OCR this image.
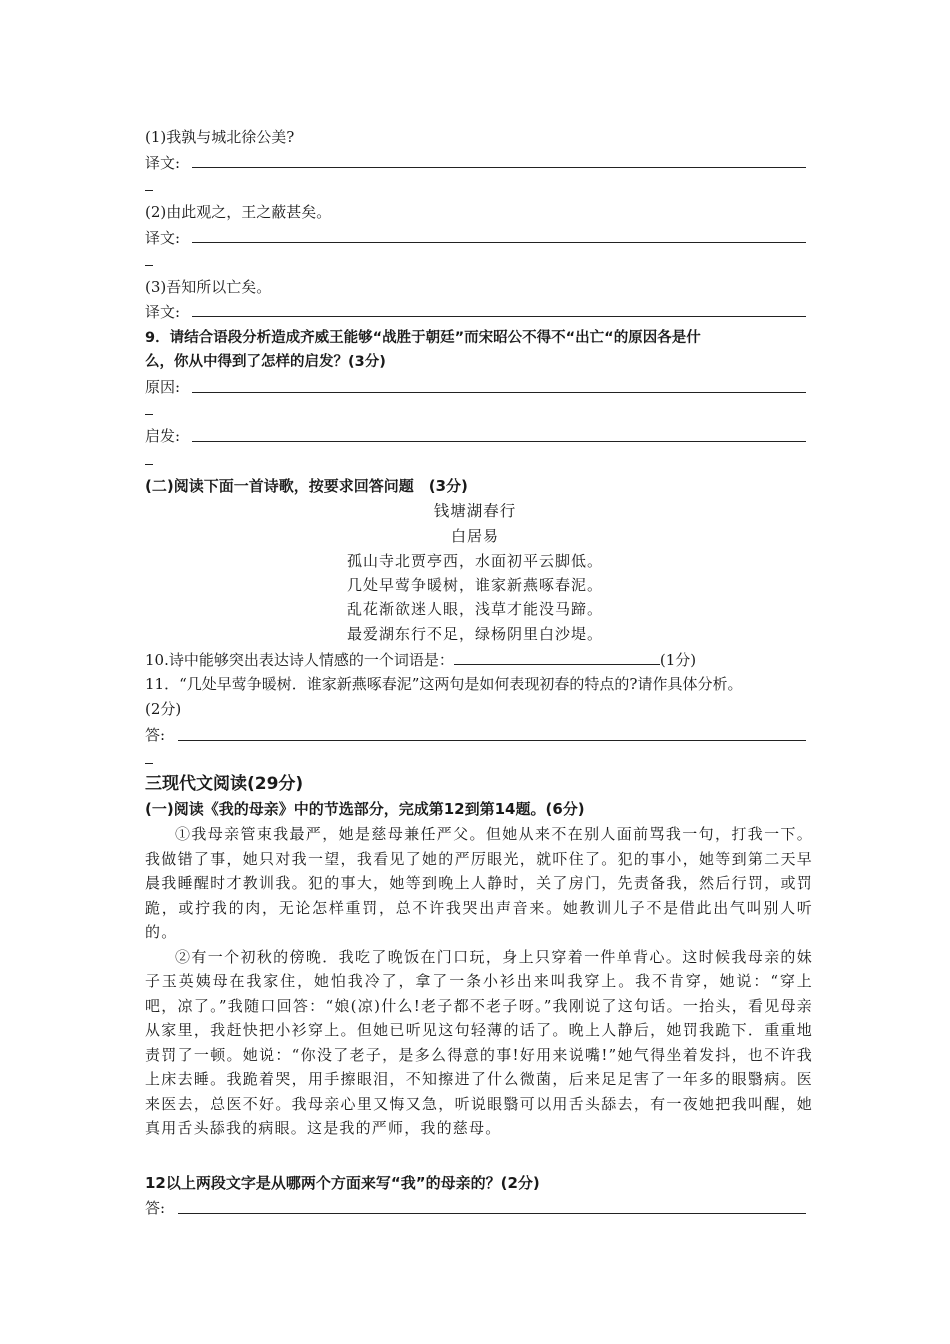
(1)我孰与城北徐公美?
译文:
(2)由此观之，王之蔽甚矣。
译文:
(3)吾知所以亡矣。
译文:
9．请结合语段分析造成齐威王能够“战胜于朝廷”而宋昭公不得不“出亡“的原因各是什
么，你从中得到了怎样的启发？(3分)
原因:
启发:
(二)阅读下面一首诗歌，按要求回答问题　(3分)
钱塘湖春行
白居易
孤山寺北贾亭西，水面初平云脚低。
几处早莺争暖树，谁家新燕啄春泥。
乱花渐欲迷人眼，浅草才能没马蹄。
最爱湖东行不足，绿杨阴里白沙堤。
10.诗中能够突出表达诗人情感的一个词语是：	(1分)
11．“几处早莺争暖树．谁家新燕啄春泥”这两句是如何表现初春的特点的?请作具体分析。
(2分)
答:
三现代文阅读(29分)
(一)阅读《我的母亲》中的节选部分，完成第12到第14题。(6分)

①我母亲管束我最严，她是慈母兼任严父。但她从来不在别人面前骂我一句，打我一下。我做错了事，她只对我一望，我看见了她的严厉眼光，就吓住了。犯的事小，她等到第二天早晨我睡醒时才教训我。犯的事大，她等到晚上人静时，关了房门，先责备我，然后行罚，或罚跪，或拧我的肉，无论怎样重罚，总不许我哭出声音来。她教训儿子不是借此出气叫别人听的。

②有一个初秋的傍晚．我吃了晚饭在门口玩，身上只穿着一件单背心。这时候我母亲的妹子玉英姨母在我家住，她怕我冷了，拿了一条小衫出来叫我穿上。我不肯穿，她说：“穿上吧，凉了。”我随口回答：“娘(凉)什么!老子都不老子呀。”我刚说了这句话。一抬头，看见母亲从家里，我赶快把小衫穿上。但她已听见这句轻薄的话了。晚上人静后，她罚我跪下．重重地责罚了一顿。她说：“你没了老子，是多么得意的事!好用来说嘴!”她气得坐着发抖，也不许我上床去睡。我跪着哭，用手擦眼泪，不知擦进了什么微菌，后来足足害了一年多的眼翳病。医来医去，总医不好。我母亲心里又悔又急，听说眼翳可以用舌头舔去，有一夜她把我叫醒，她真用舌头舔我的病眼。这是我的严师，我的慈母。

12以上两段文字是从哪两个方面来写“我”的母亲的？(2分)
答:
